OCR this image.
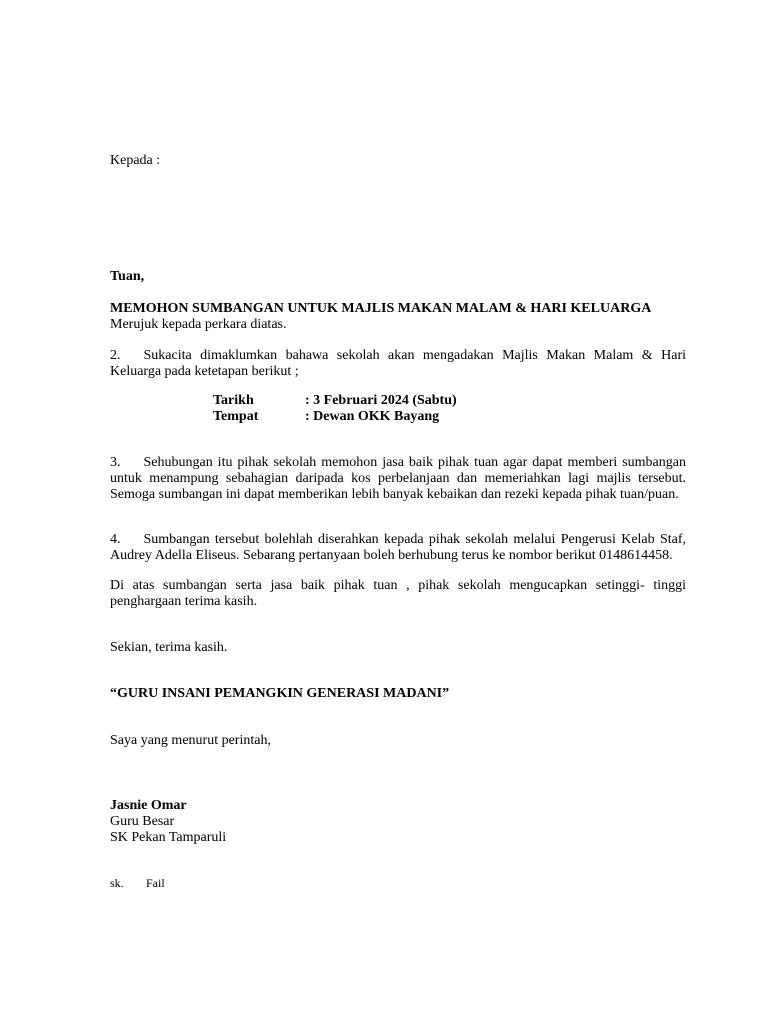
Kepada :

Tuan,

MEMOHON SUMBANGAN UNTUK MAJLIS MAKAN MALAM & HARI KELUARGA

Merujuk kepada perkara diatas.

2. Sukacita dimaklumkan bahawa sekolah akan mengadakan Majlis Makan Malam & Hari Keluarga pada ketetapan berikut ;

Tarikh	: 3 Februari 2024 (Sabtu)
Tempat	: Dewan OKK Bayang

3. Sehubungan itu pihak sekolah memohon jasa baik pihak tuan agar dapat memberi sumbangan untuk menampung sebahagian daripada kos perbelanjaan dan memeriahkan lagi majlis tersebut. Semoga sumbangan ini dapat memberikan lebih banyak kebaikan dan rezeki kepada pihak tuan/puan.

4. Sumbangan tersebut bolehlah diserahkan kepada pihak sekolah melalui Pengerusi Kelab Staf, Audrey Adella Eliseus. Sebarang pertanyaan boleh berhubung terus ke nombor berikut 0148614458.

Di atas sumbangan serta jasa baik pihak tuan , pihak sekolah mengucapkan setinggi- tinggi penghargaan terima kasih.

Sekian, terima kasih.

“GURU INSANI PEMANGKIN GENERASI MADANI”

Saya yang menurut perintah,

Jasnie Omar

Guru Besar

SK Pekan Tamparuli

sk. Fail
